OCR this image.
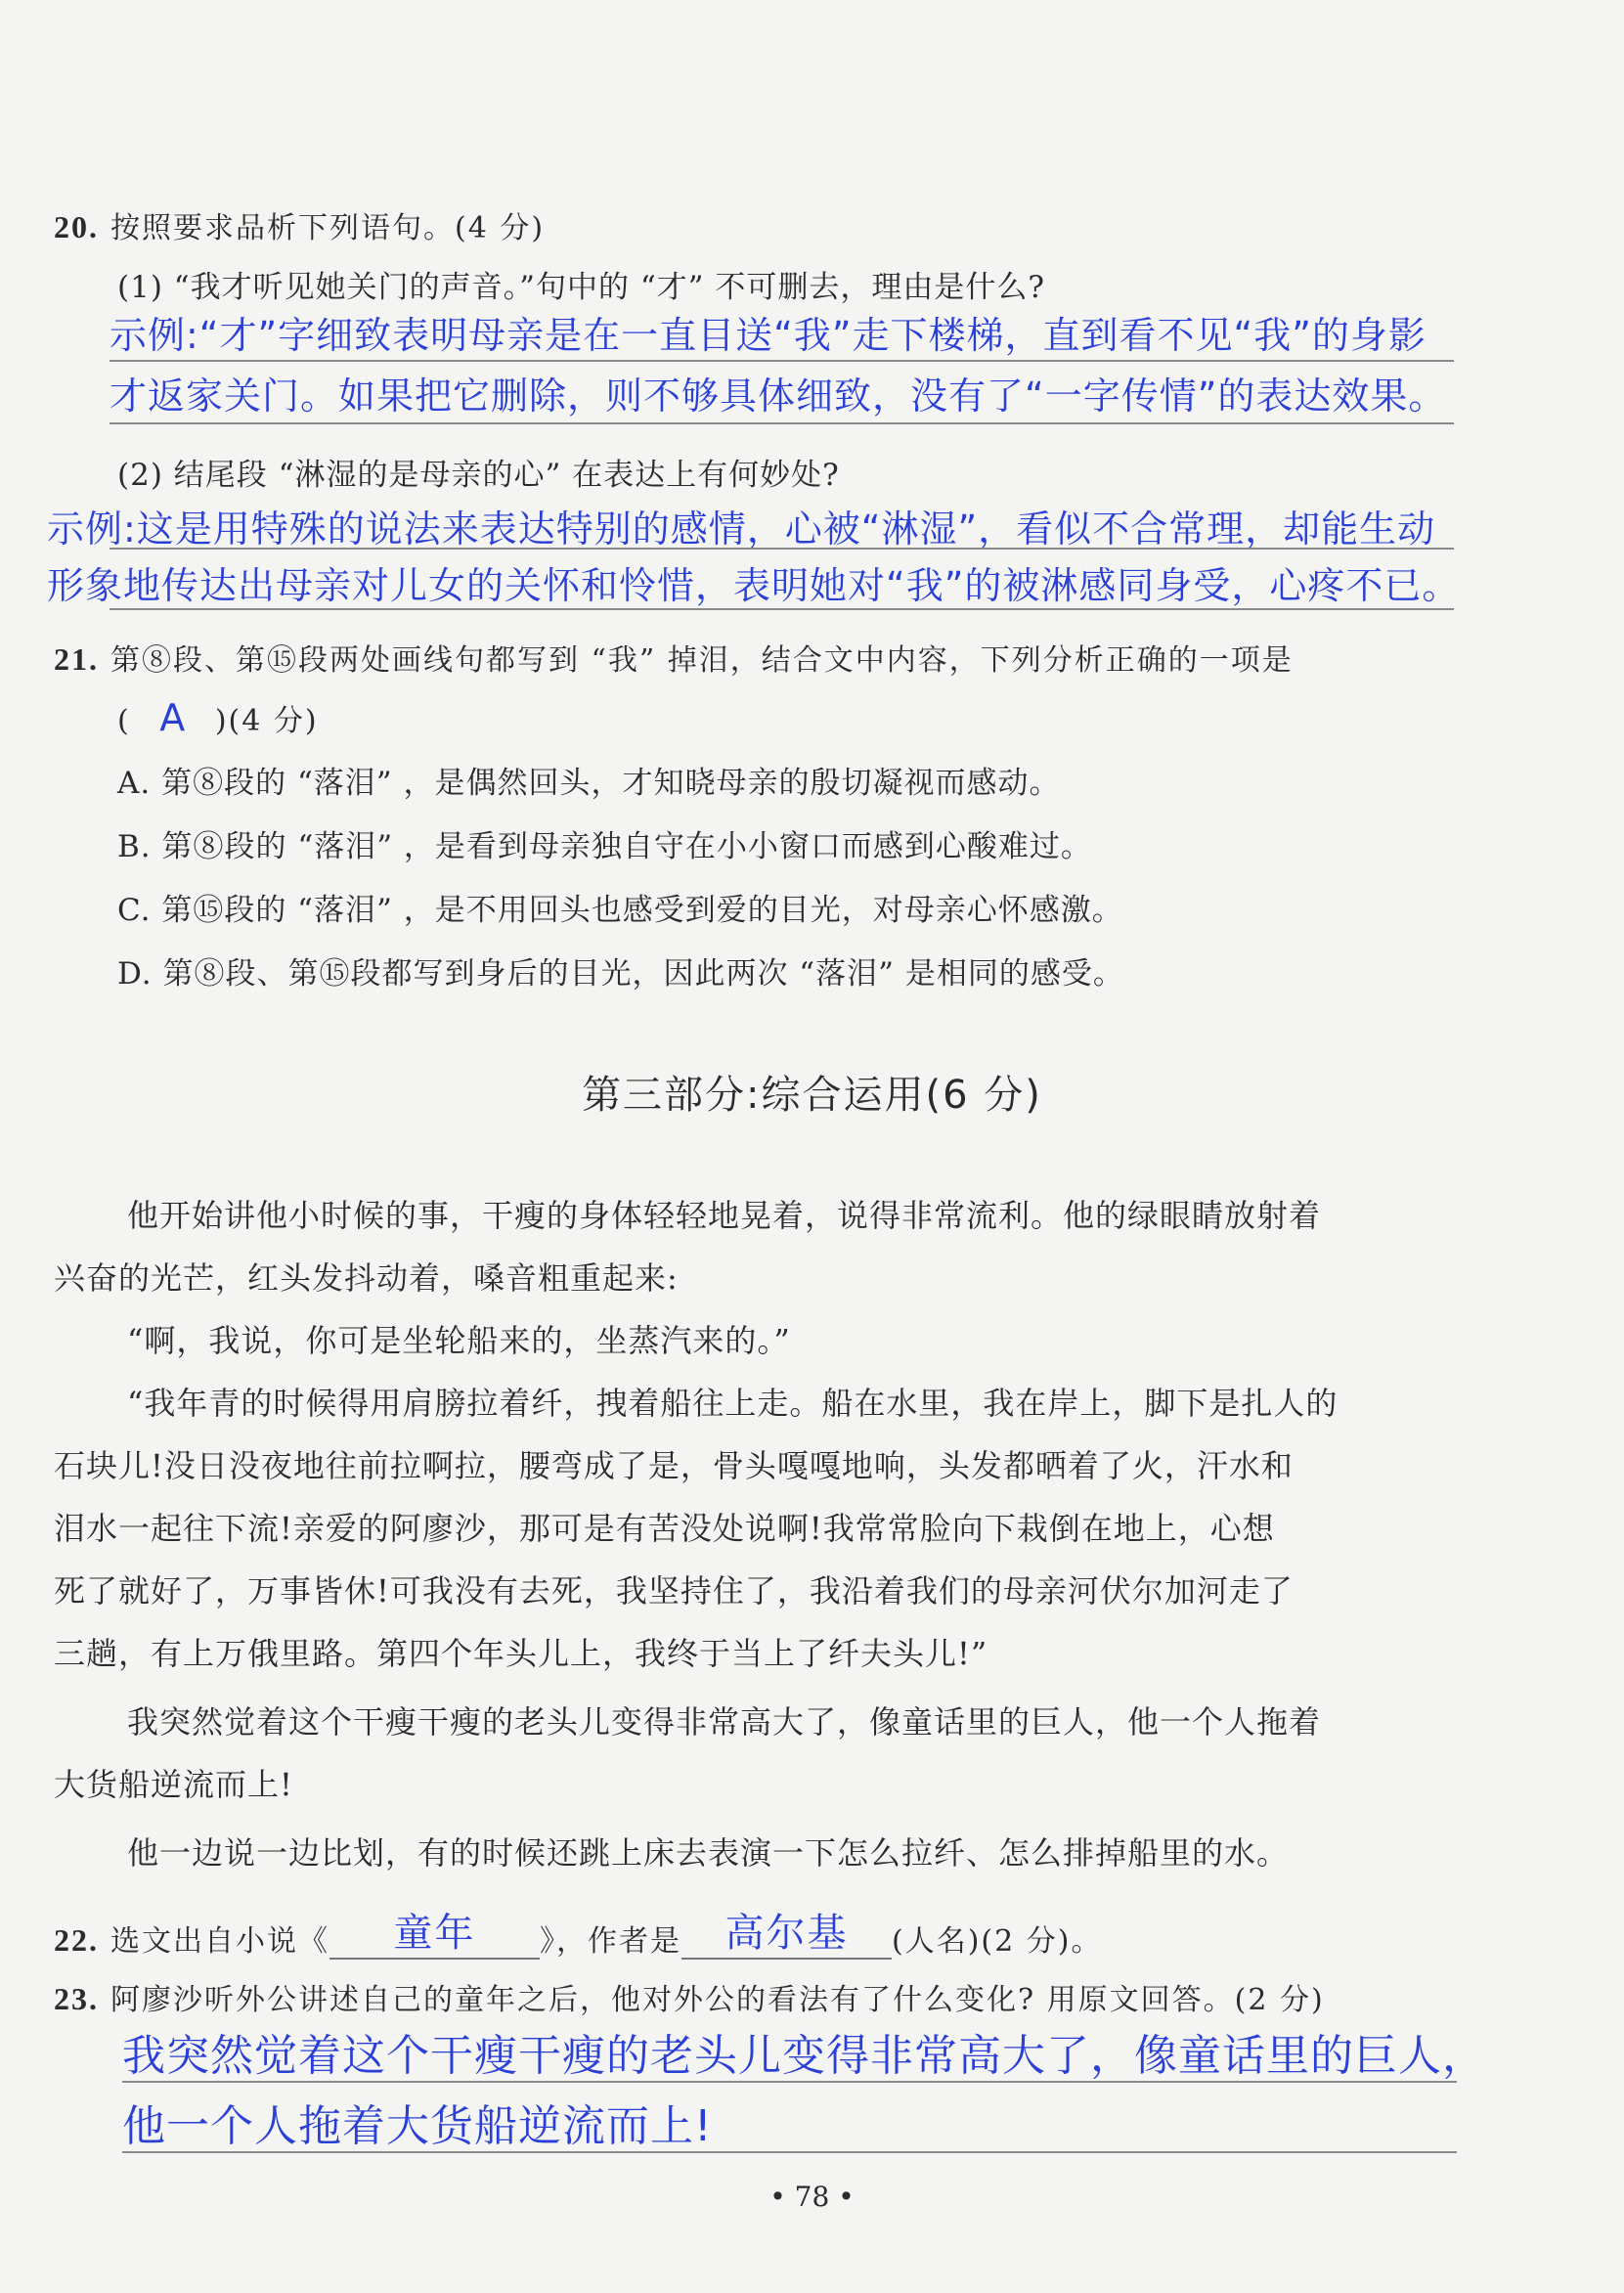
20. 按照要求品析下列语句。(4 分)
(1) “我才听见她关门的声音。”句中的 “才” 不可删去，理由是什么?
示例:“才”字细致表明母亲是在一直目送“我”走下楼梯，直到看不见“我”的身影
才返家关门。如果把它删除，则不够具体细致，没有了“一字传情”的表达效果。
(2) 结尾段 “淋湿的是母亲的心” 在表达上有何妙处?
示例:这是用特殊的说法来表达特别的感情，心被“淋湿”，看似不合常理，却能生动
形象地传达出母亲对儿女的关怀和怜惜，表明她对“我”的被淋感同身受，心疼不已。
21. 第⑧段、第⑮段两处画线句都写到 “我” 掉泪，结合文中内容，下列分析正确的一项是
( A )(4 分)
A. 第⑧段的 “落泪” ，是偶然回头，才知晓母亲的殷切凝视而感动。
B. 第⑧段的 “落泪” ，是看到母亲独自守在小小窗口而感到心酸难过。
C. 第⑮段的 “落泪” ，是不用回头也感受到爱的目光，对母亲心怀感激。
D. 第⑧段、第⑮段都写到身后的目光，因此两次 “落泪” 是相同的感受。
第三部分:综合运用(6 分)
他开始讲他小时候的事，干瘦的身体轻轻地晃着，说得非常流利。他的绿眼睛放射着
兴奋的光芒，红头发抖动着，嗓音粗重起来:
“啊，我说，你可是坐轮船来的，坐蒸汽来的。”
“我年青的时候得用肩膀拉着纤，拽着船往上走。船在水里，我在岸上，脚下是扎人的
石块儿!没日没夜地往前拉啊拉，腰弯成了是，骨头嘎嘎地响，头发都晒着了火，汗水和
泪水一起往下流!亲爱的阿廖沙，那可是有苦没处说啊!我常常脸向下栽倒在地上，心想
死了就好了，万事皆休!可我没有去死，我坚持住了，我沿着我们的母亲河伏尔加河走了
三趟，有上万俄里路。第四个年头儿上，我终于当上了纤夫头儿!”
我突然觉着这个干瘦干瘦的老头儿变得非常高大了，像童话里的巨人，他一个人拖着
大货船逆流而上!
他一边说一边比划，有的时候还跳上床去表演一下怎么拉纤、怎么排掉船里的水。
22. 选文出自小说《 童年 》，作者是 高尔基 (人名)(2 分)。
23. 阿廖沙听外公讲述自己的童年之后，他对外公的看法有了什么变化? 用原文回答。(2 分)
我突然觉着这个干瘦干瘦的老头儿变得非常高大了，像童话里的巨人，
他一个人拖着大货船逆流而上!
• 78 •
